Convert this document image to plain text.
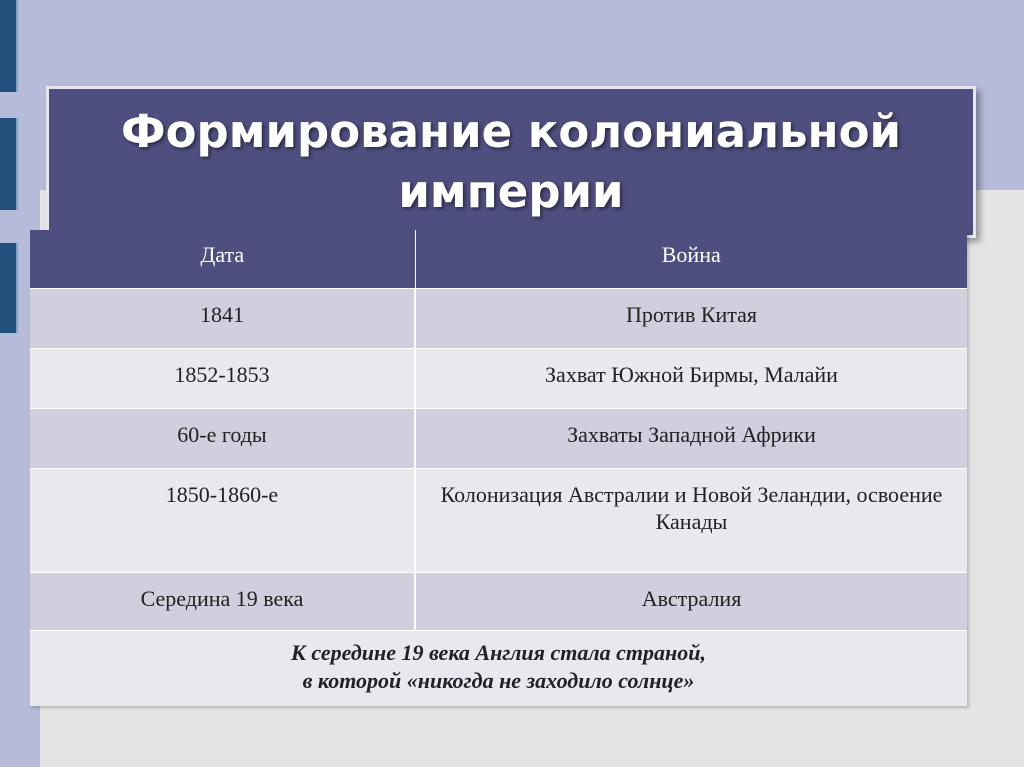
Формирование колониальной империи
Дата	Война
1841	Против Китая
1852-1853	Захват Южной Бирмы, Малайи
60-е годы	Захваты Западной Африки
1850-1860-е	Колонизация Австралии и Новой Зеландии, освоение Канады
Середина 19 века	Австралия
К середине 19 века Англия стала страной,
в которой «никогда не заходило солнце»	
